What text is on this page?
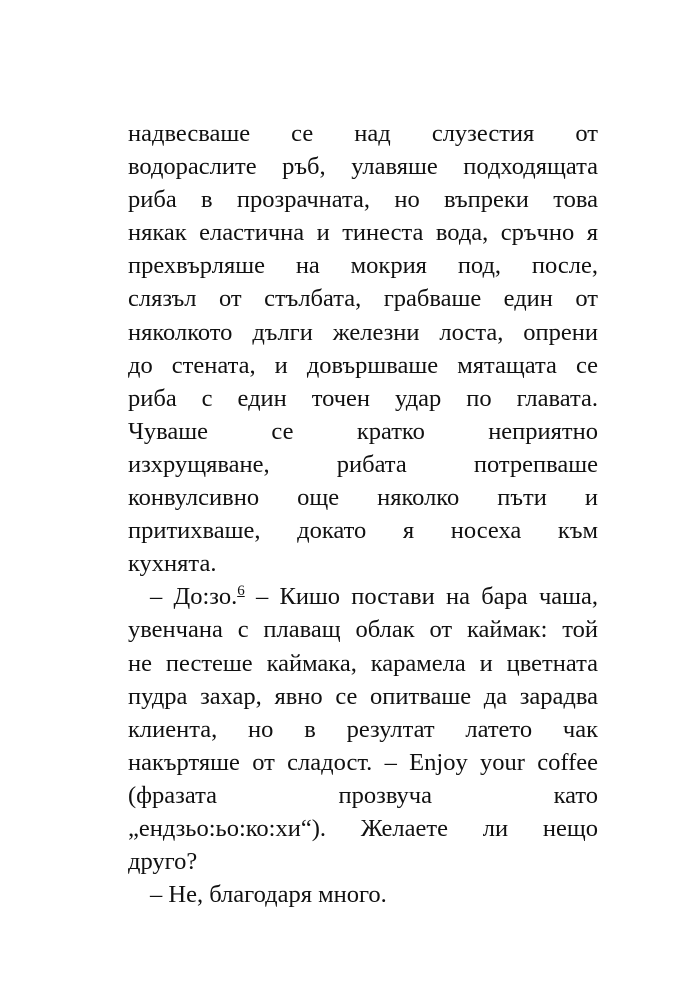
надвесваше се над слузестия от
водораслите ръб, улавяше подходящата
риба в прозрачната, но въпреки това
някак еластична и тинеста вода, сръчно я
прехвърляше на мокрия под, после,
слязъл от стълбата, грабваше един от
няколкото дълги железни лоста, опрени
до стената, и довършваше мятащата се
риба с един точен удар по главата.
Чуваше се кратко неприятно
изхрущяване, рибата потрепваше
конвулсивно още няколко пъти и
притихваше, докато я носеха към
кухнята.
– До:зо.$^6$ – Кишо постави на бара чаша,
увенчана с плаващ облак от каймак: той
не пестеше каймака, карамела и цветната
пудра захар, явно се опитваше да зарадва
клиента, но в резултат латето чак
накъртяше от сладост. – Enjoy your coffee
(фразата прозвуча като
„ендзьо:ьо:ко:хи“). Желаете ли нещо
друго?
– Не, благодаря много.
